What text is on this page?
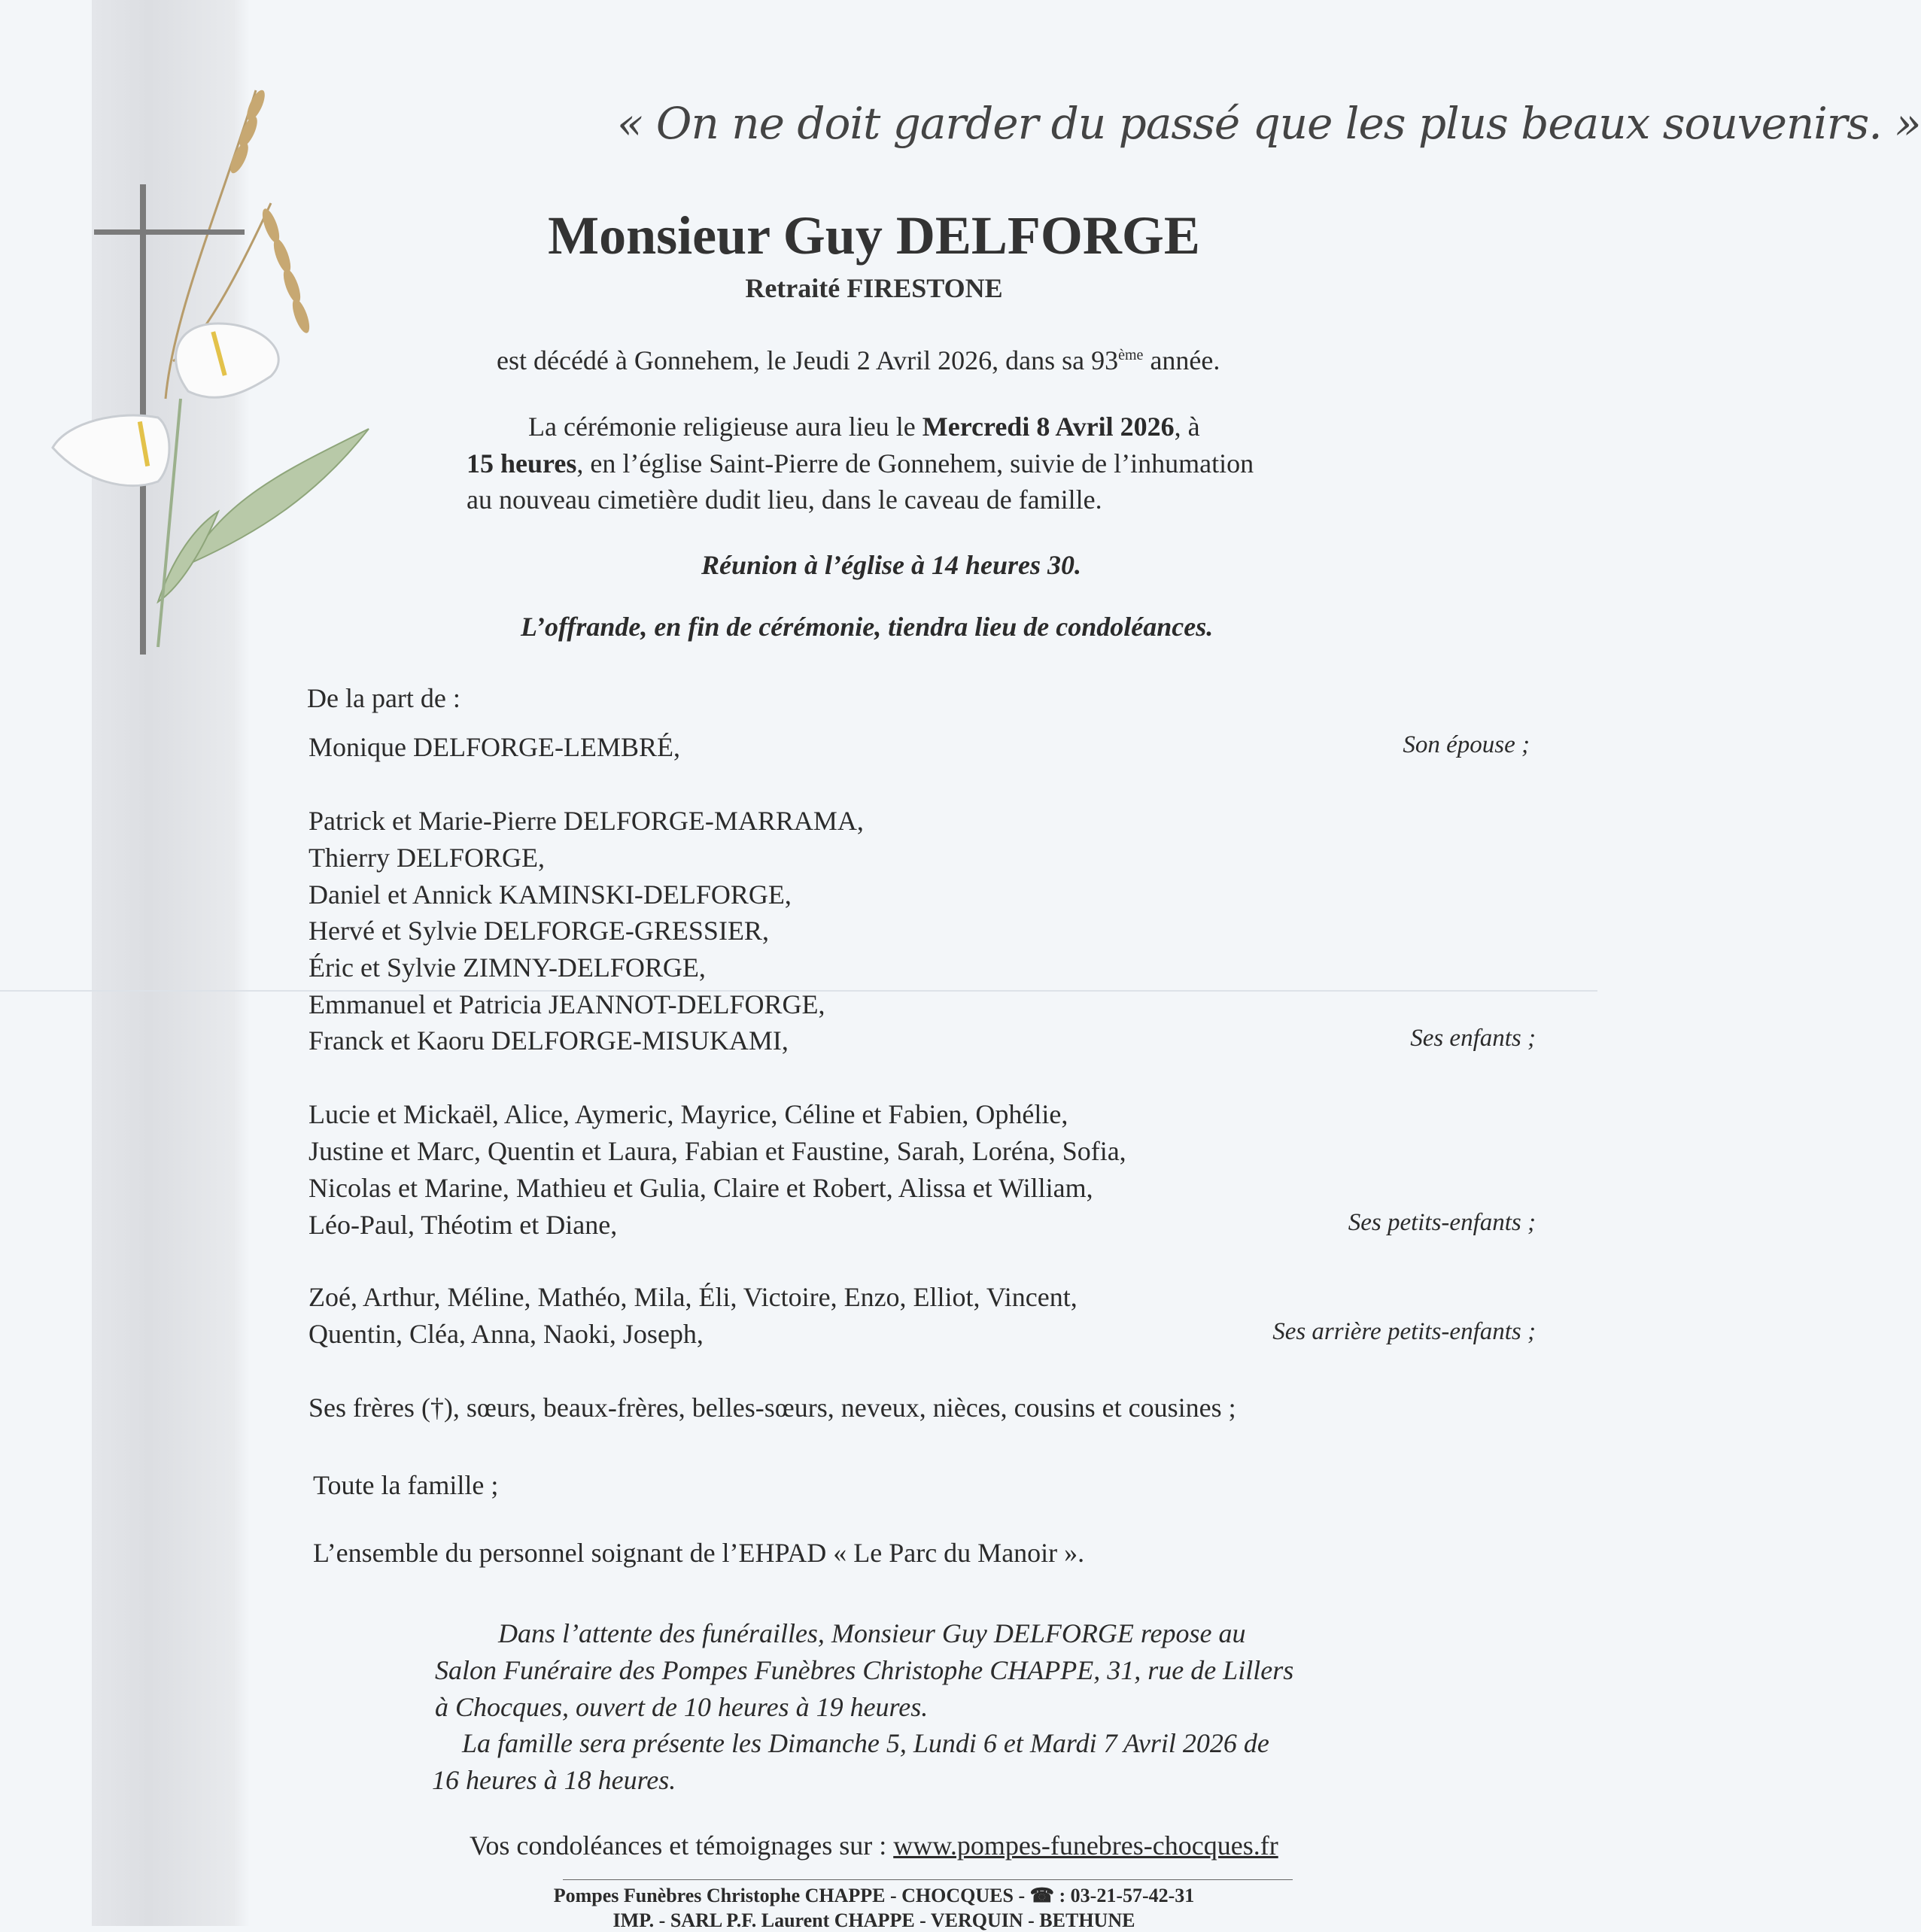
« On ne doit garder du passé que les plus beaux souvenirs. »
Monsieur Guy DELFORGE
Retraité FIRESTONE
est décédé à Gonnehem, le Jeudi 2 Avril 2026, dans sa 93ème année.
La cérémonie religieuse aura lieu le Mercredi 8 Avril 2026, à
15 heures, en l’église Saint-Pierre de Gonnehem, suivie de l’inhumation
au nouveau cimetière dudit lieu, dans le caveau de famille.
Réunion à l’église à 14 heures 30.
L’offrande, en fin de cérémonie, tiendra lieu de condoléances.
De la part de :
Monique DELFORGE-LEMBRÉ,	Son épouse ;
Patrick et Marie-Pierre DELFORGE-MARRAMA,
Thierry DELFORGE,
Daniel et Annick KAMINSKI-DELFORGE,
Hervé et Sylvie DELFORGE-GRESSIER,
Éric et Sylvie ZIMNY-DELFORGE,
Emmanuel et Patricia JEANNOT-DELFORGE,
Franck et Kaoru DELFORGE-MISUKAMI,	Ses enfants ;
Lucie et Mickaël, Alice, Aymeric, Mayrice, Céline et Fabien, Ophélie,
Justine et Marc, Quentin et Laura, Fabian et Faustine, Sarah, Loréna, Sofia,
Nicolas et Marine, Mathieu et Gulia, Claire et Robert, Alissa et William,
Léo-Paul, Théotim et Diane,	Ses petits-enfants ;
Zoé, Arthur, Méline, Mathéo, Mila, Éli, Victoire, Enzo, Elliot, Vincent,
Quentin, Cléa, Anna, Naoki, Joseph,	Ses arrière petits-enfants ;
Ses frères (†), sœurs, beaux-frères, belles-sœurs, neveux, nièces, cousins et cousines ;
Toute la famille ;
L’ensemble du personnel soignant de l’EHPAD « Le Parc du Manoir ».
Dans l’attente des funérailles, Monsieur Guy DELFORGE repose au
Salon Funéraire des Pompes Funèbres Christophe CHAPPE, 31, rue de Lillers
à Chocques, ouvert de 10 heures à 19 heures.
La famille sera présente les Dimanche 5, Lundi 6 et Mardi 7 Avril 2026 de
16 heures à 18 heures.
Vos condoléances et témoignages sur : www.pompes-funebres-chocques.fr
Pompes Funèbres Christophe CHAPPE - CHOCQUES - ☎ : 03-21-57-42-31
IMP. - SARL P.F. Laurent CHAPPE - VERQUIN - BETHUNE
